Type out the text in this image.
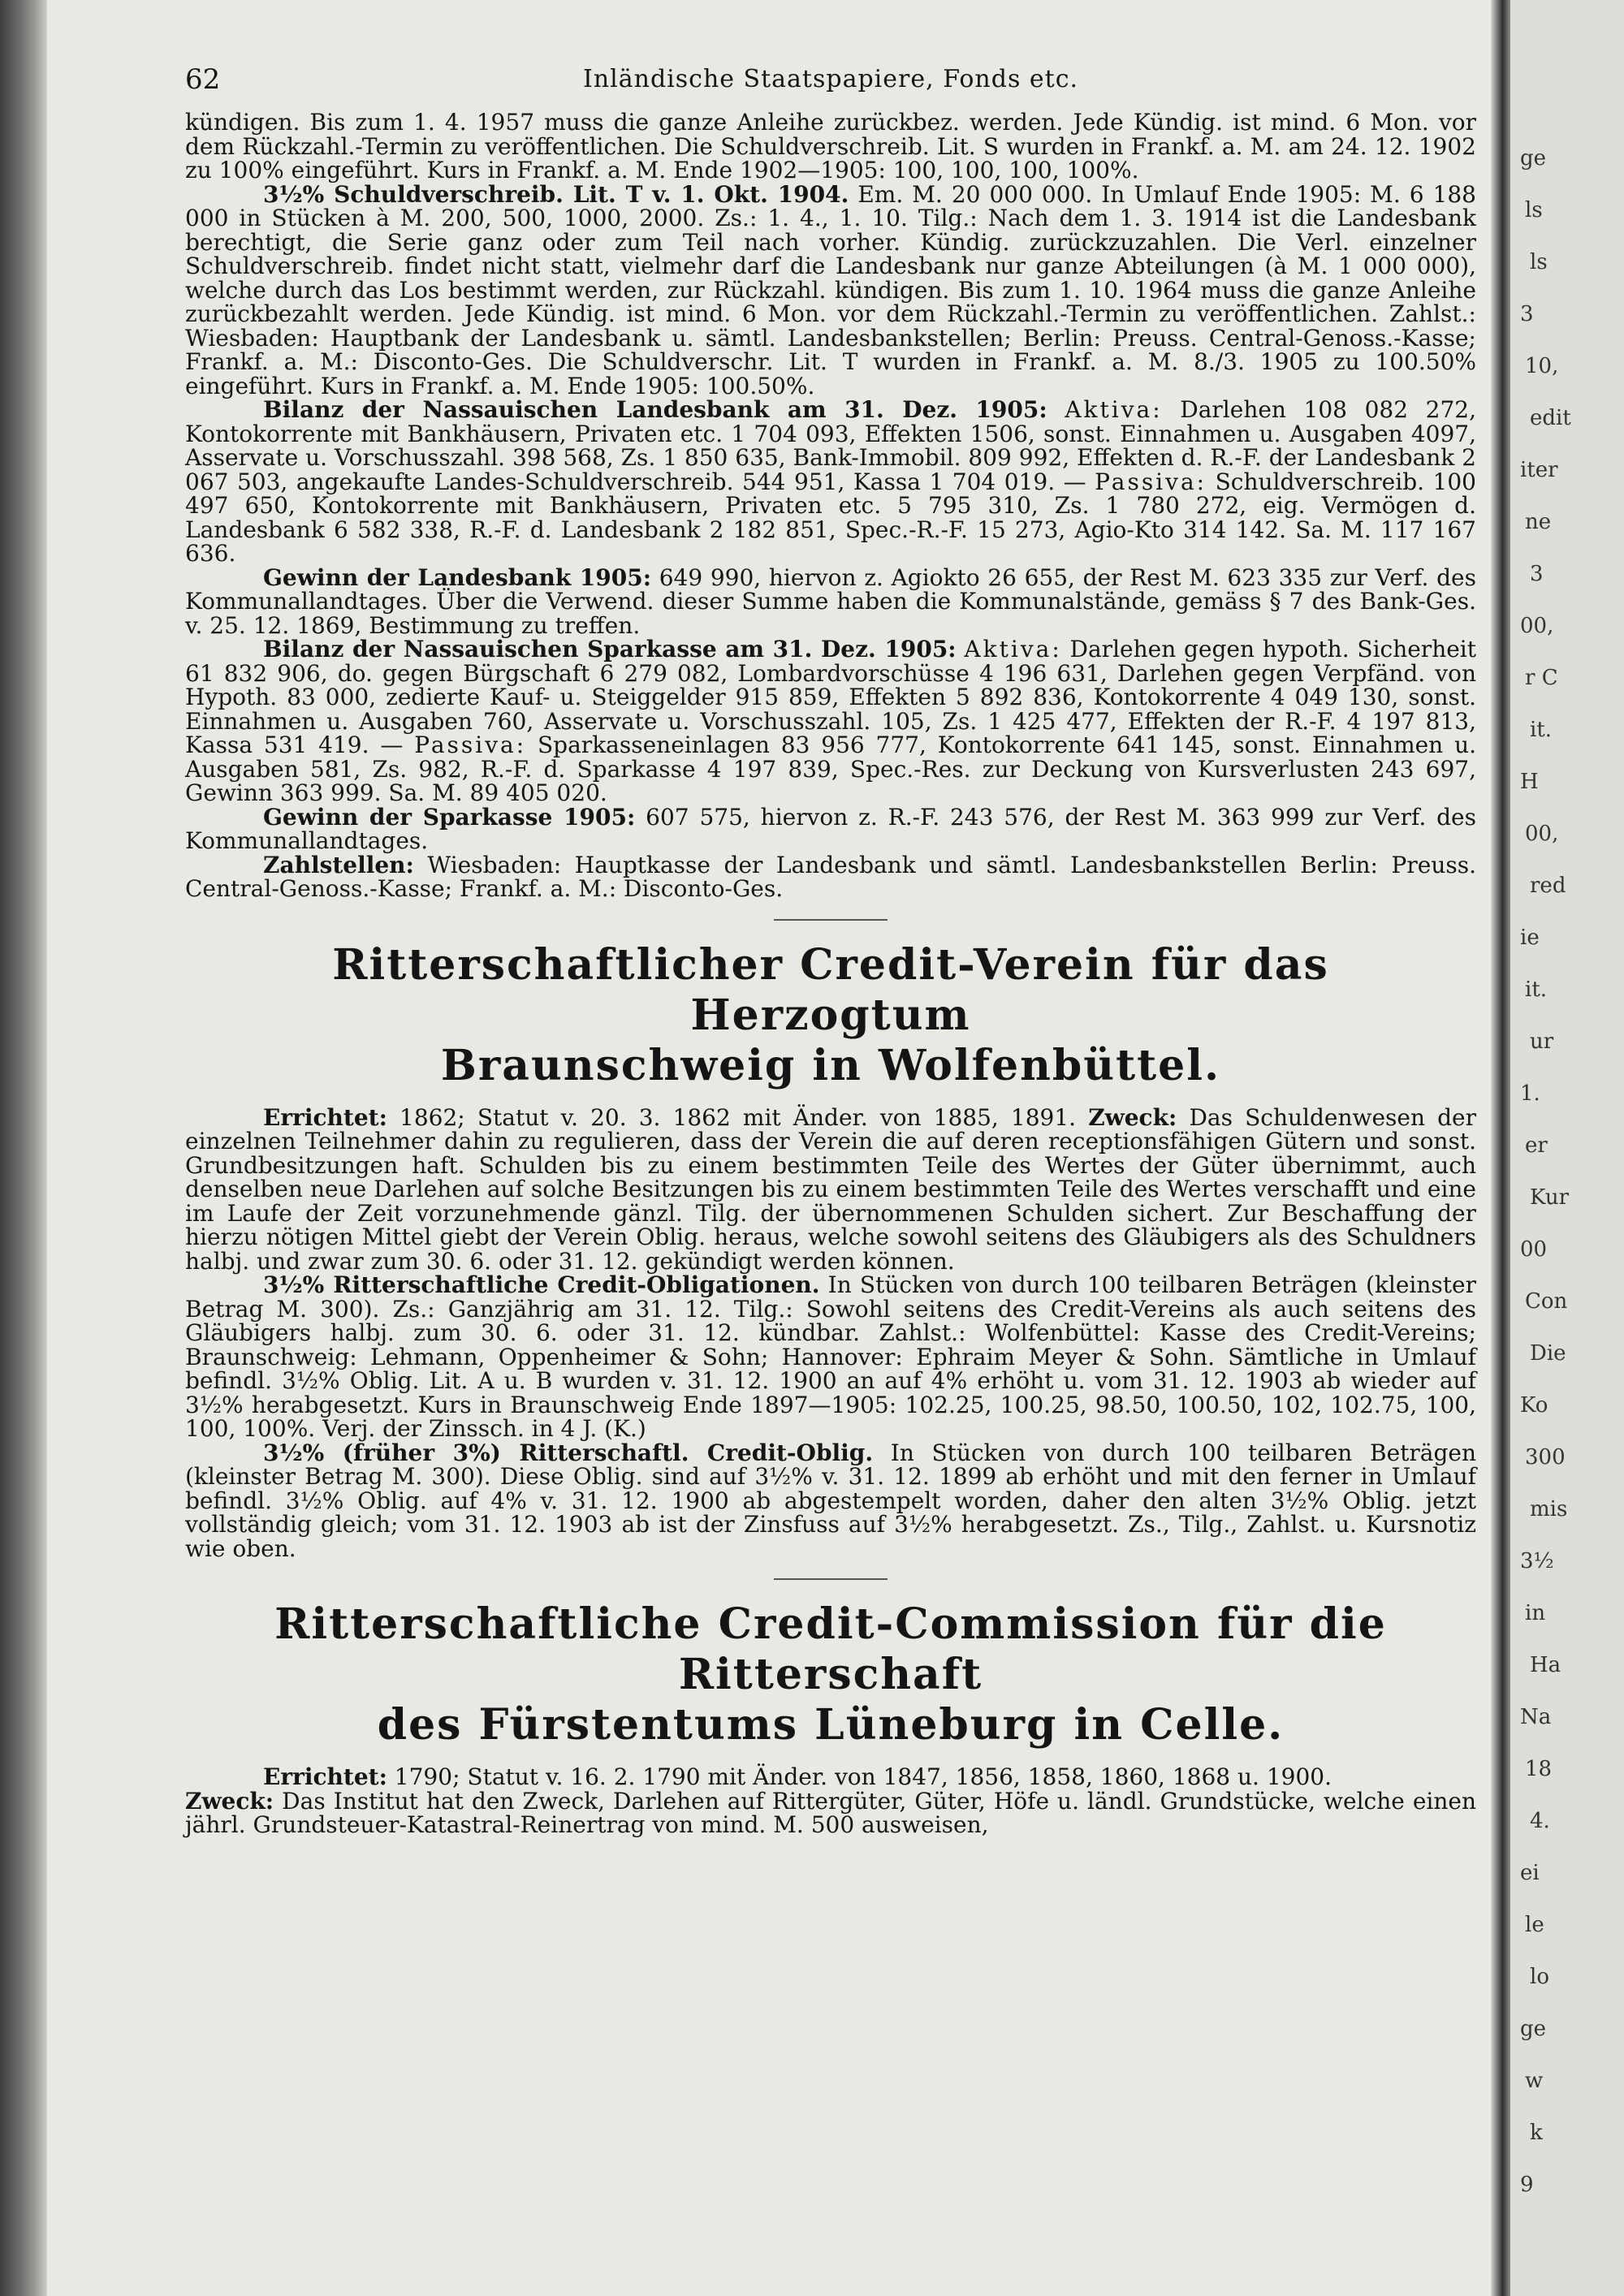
62	Inländische Staatspapiere, Fonds etc.

kündigen. Bis zum 1. 4. 1957 muss die ganze Anleihe zurückbez. werden. Jede Kündig. ist mind. 6 Mon. vor dem Rückzahl.-Termin zu veröffentlichen. Die Schuldverschreib. Lit. S wurden in Frankf. a. M. am 24. 12. 1902 zu 100% eingeführt. Kurs in Frankf. a. M. Ende 1902—1905: 100, 100, 100, 100%.

3½% Schuldverschreib. Lit. T v. 1. Okt. 1904. Em. M. 20 000 000. In Umlauf Ende 1905: M. 6 188 000 in Stücken à M. 200, 500, 1000, 2000. Zs.: 1. 4., 1. 10. Tilg.: Nach dem 1. 3. 1914 ist die Landesbank berechtigt, die Serie ganz oder zum Teil nach vorher. Kündig. zurückzuzahlen. Die Verl. einzelner Schuldverschreib. findet nicht statt, vielmehr darf die Landesbank nur ganze Abteilungen (à M. 1 000 000), welche durch das Los bestimmt werden, zur Rückzahl. kündigen. Bis zum 1. 10. 1964 muss die ganze Anleihe zurückbezahlt werden. Jede Kündig. ist mind. 6 Mon. vor dem Rückzahl.-Termin zu veröffentlichen. Zahlst.: Wiesbaden: Hauptbank der Landesbank u. sämtl. Landesbankstellen; Berlin: Preuss. Central-Genoss.-Kasse; Frankf. a. M.: Disconto-Ges. Die Schuldverschr. Lit. T wurden in Frankf. a. M. 8./3. 1905 zu 100.50% eingeführt. Kurs in Frankf. a. M. Ende 1905: 100.50%.

Bilanz der Nassauischen Landesbank am 31. Dez. 1905: Aktiva: Darlehen 108 082 272, Kontokorrente mit Bankhäusern, Privaten etc. 1 704 093, Effekten 1506, sonst. Einnahmen u. Ausgaben 4097, Asservate u. Vorschusszahl. 398 568, Zs. 1 850 635, Bank-Immobil. 809 992, Effekten d. R.-F. der Landesbank 2 067 503, angekaufte Landes-Schuldverschreib. 544 951, Kassa 1 704 019. — Passiva: Schuldverschreib. 100 497 650, Kontokorrente mit Bankhäusern, Privaten etc. 5 795 310, Zs. 1 780 272, eig. Vermögen d. Landesbank 6 582 338, R.-F. d. Landesbank 2 182 851, Spec.-R.-F. 15 273, Agio-Kto 314 142. Sa. M. 117 167 636.

Gewinn der Landesbank 1905: 649 990, hiervon z. Agiokto 26 655, der Rest M. 623 335 zur Verf. des Kommunallandtages. Über die Verwend. dieser Summe haben die Kommunalstände, gemäss § 7 des Bank-Ges. v. 25. 12. 1869, Bestimmung zu treffen.

Bilanz der Nassauischen Sparkasse am 31. Dez. 1905: Aktiva: Darlehen gegen hypoth. Sicherheit 61 832 906, do. gegen Bürgschaft 6 279 082, Lombardvorschüsse 4 196 631, Darlehen gegen Verpfänd. von Hypoth. 83 000, zedierte Kauf- u. Steiggelder 915 859, Effekten 5 892 836, Kontokorrente 4 049 130, sonst. Einnahmen u. Ausgaben 760, Asservate u. Vorschusszahl. 105, Zs. 1 425 477, Effekten der R.-F. 4 197 813, Kassa 531 419. — Passiva: Sparkasseneinlagen 83 956 777, Kontokorrente 641 145, sonst. Einnahmen u. Ausgaben 581, Zs. 982, R.-F. d. Sparkasse 4 197 839, Spec.-Res. zur Deckung von Kursverlusten 243 697, Gewinn 363 999. Sa. M. 89 405 020.

Gewinn der Sparkasse 1905: 607 575, hiervon z. R.-F. 243 576, der Rest M. 363 999 zur Verf. des Kommunallandtages.

Zahlstellen: Wiesbaden: Hauptkasse der Landesbank und sämtl. Landesbankstellen Berlin: Preuss. Central-Genoss.-Kasse; Frankf. a. M.: Disconto-Ges.

Ritterschaftlicher Credit-Verein für das Herzogtum
Braunschweig in Wolfenbüttel.

Errichtet: 1862; Statut v. 20. 3. 1862 mit Änder. von 1885, 1891. Zweck: Das Schuldenwesen der einzelnen Teilnehmer dahin zu regulieren, dass der Verein die auf deren receptionsfähigen Gütern und sonst. Grundbesitzungen haft. Schulden bis zu einem bestimmten Teile des Wertes der Güter übernimmt, auch denselben neue Darlehen auf solche Besitzungen bis zu einem bestimmten Teile des Wertes verschafft und eine im Laufe der Zeit vorzunehmende gänzl. Tilg. der übernommenen Schulden sichert. Zur Beschaffung der hierzu nötigen Mittel giebt der Verein Oblig. heraus, welche sowohl seitens des Gläubigers als des Schuldners halbj. und zwar zum 30. 6. oder 31. 12. gekündigt werden können.

3½% Ritterschaftliche Credit-Obligationen. In Stücken von durch 100 teilbaren Beträgen (kleinster Betrag M. 300). Zs.: Ganzjährig am 31. 12. Tilg.: Sowohl seitens des Credit-Vereins als auch seitens des Gläubigers halbj. zum 30. 6. oder 31. 12. kündbar. Zahlst.: Wolfenbüttel: Kasse des Credit-Vereins; Braunschweig: Lehmann, Oppenheimer & Sohn; Hannover: Ephraim Meyer & Sohn. Sämtliche in Umlauf befindl. 3½% Oblig. Lit. A u. B wurden v. 31. 12. 1900 an auf 4% erhöht u. vom 31. 12. 1903 ab wieder auf 3½% herabgesetzt. Kurs in Braunschweig Ende 1897—1905: 102.25, 100.25, 98.50, 100.50, 102, 102.75, 100, 100, 100%. Verj. der Zinssch. in 4 J. (K.)

3½% (früher 3%) Ritterschaftl. Credit-Oblig. In Stücken von durch 100 teilbaren Beträgen (kleinster Betrag M. 300). Diese Oblig. sind auf 3½% v. 31. 12. 1899 ab erhöht und mit den ferner in Umlauf befindl. 3½% Oblig. auf 4% v. 31. 12. 1900 ab abgestempelt worden, daher den alten 3½% Oblig. jetzt vollständig gleich; vom 31. 12. 1903 ab ist der Zinsfuss auf 3½% herabgesetzt. Zs., Tilg., Zahlst. u. Kursnotiz wie oben.

Ritterschaftliche Credit-Commission für die Ritterschaft
des Fürstentums Lüneburg in Celle.

Errichtet: 1790; Statut v. 16. 2. 1790 mit Änder. von 1847, 1856, 1858, 1860, 1868 u. 1900.

Zweck: Das Institut hat den Zweck, Darlehen auf Rittergüter, Güter, Höfe u. ländl. Grundstücke, welche einen jährl. Grundsteuer-Katastral-Reinertrag von mind. M. 500 ausweisen,

ge
ls
ls
3
10,
edit
iter
ne
3
00,
r C
it.
H
00,
red
ie
it.
ur
1.
er
Kur
00
Con
Die
Ko
300
mis
3½
in
Ha
Na
18
4.
ei
le
lo
ge
w
k
9
